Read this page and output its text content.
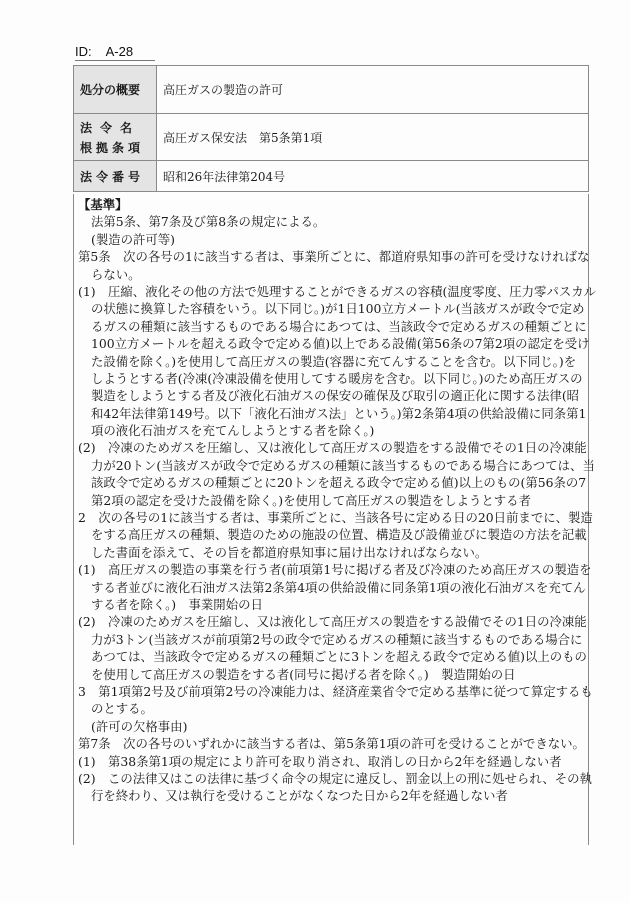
ID: A-28
処分の概要	高圧ガスの製造の許可

法 令 名
根 拠 条 項
	高圧ガス保安法　第5条第1項

法 令 番 号	昭和26年法律第204号
【基準】
法第5条、第7条及び第8条の規定による。
(製造の許可等)
第5条　次の各号の1に該当する者は、事業所ごとに、都道府県知事の許可を受けなければな
らない。
(1)　圧縮、液化その他の方法で処理することができるガスの容積(温度零度、圧力零パスカル
の状態に換算した容積をいう。以下同じ。)が1日100立方メートル(当該ガスが政令で定め
るガスの種類に該当するものである場合にあつては、当該政令で定めるガスの種類ごとに
100立方メートルを超える政令で定める値)以上である設備(第56条の7第2項の認定を受け
た設備を除く。)を使用して高圧ガスの製造(容器に充てんすることを含む。以下同じ。)を
しようとする者(冷凍(冷凍設備を使用してする暖房を含む。以下同じ。)のため高圧ガスの
製造をしようとする者及び液化石油ガスの保安の確保及び取引の適正化に関する法律(昭
和42年法律第149号。以下「液化石油ガス法」という。)第2条第4項の供給設備に同条第1
項の液化石油ガスを充てんしようとする者を除く。)
(2)　冷凍のためガスを圧縮し、又は液化して高圧ガスの製造をする設備でその1日の冷凍能
力が20トン(当該ガスが政令で定めるガスの種類に該当するものである場合にあつては、当
該政令で定めるガスの種類ごとに20トンを超える政令で定める値)以上のもの(第56条の7
第2項の認定を受けた設備を除く。)を使用して高圧ガスの製造をしようとする者
2　次の各号の1に該当する者は、事業所ごとに、当該各号に定める日の20日前までに、製造
をする高圧ガスの種類、製造のための施設の位置、構造及び設備並びに製造の方法を記載
した書面を添えて、その旨を都道府県知事に届け出なければならない。
(1)　高圧ガスの製造の事業を行う者(前項第1号に掲げる者及び冷凍のため高圧ガスの製造を
する者並びに液化石油ガス法第2条第4項の供給設備に同条第1項の液化石油ガスを充てん
する者を除く。)　事業開始の日
(2)　冷凍のためガスを圧縮し、又は液化して高圧ガスの製造をする設備でその1日の冷凍能
力が3トン(当該ガスが前項第2号の政令で定めるガスの種類に該当するものである場合に
あつては、当該政令で定めるガスの種類ごとに3トンを超える政令で定める値)以上のもの
を使用して高圧ガスの製造をする者(同号に掲げる者を除く。)　製造開始の日
3　第1項第2号及び前項第2号の冷凍能力は、経済産業省令で定める基準に従つて算定するも
のとする。
(許可の欠格事由)
第7条　次の各号のいずれかに該当する者は、第5条第1項の許可を受けることができない。
(1)　第38条第1項の規定により許可を取り消され、取消しの日から2年を経過しない者
(2)　この法律又はこの法律に基づく命令の規定に違反し、罰金以上の刑に処せられ、その執
行を終わり、又は執行を受けることがなくなつた日から2年を経過しない者
